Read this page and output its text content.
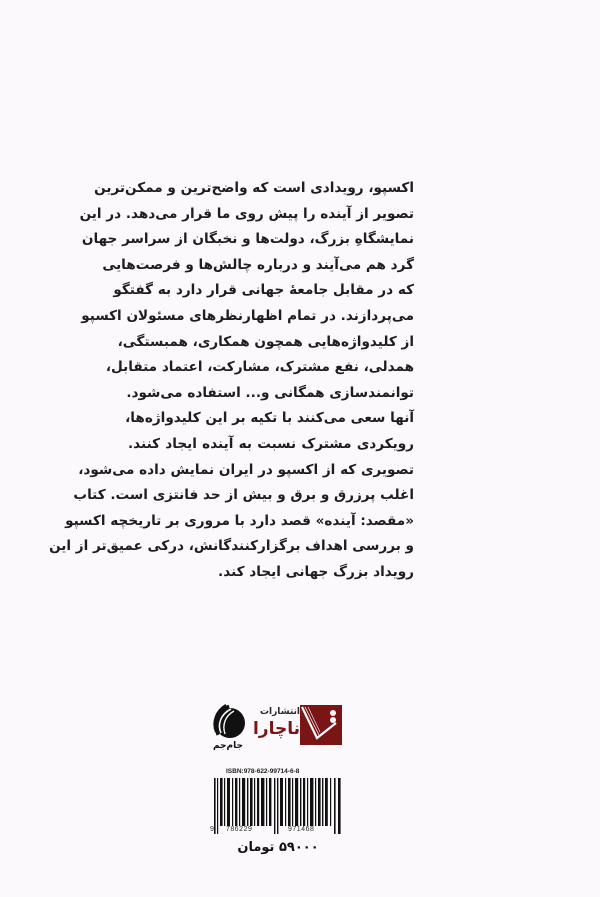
اکسپو، رویدادی است که واضح‌ترین و ممکن‌ترین
تصویر از آینده را پیش روی ما قرار می‌دهد. در این
نمایشگاهِ بزرگ، دولت‌ها و نخبگان از سراسر جهان
گرد هم می‌آیند و درباره چالش‌ها و فرصت‌هایی
که در مقابل جامعهٔ جهانی قرار دارد به گفتگو
می‌پردازند. در تمام اظهارنظرهای مسئولان اکسپو
از کلیدواژه‌هایی همچون همکاری، همبستگی،
همدلی، نفع مشترک، مشارکت، اعتماد متقابل،
توانمندسازی همگانی و... استفاده می‌شود.
آنها سعی می‌کنند با تکیه بر این کلیدواژه‌ها،
رویکردی مشترک نسبت به آینده ایجاد کنند.
تصویری که از اکسپو در ایران نمایش داده می‌شود،
اغلب پرزرق و برق و بیش از حد فانتزی است. کتاب
«مقصد: آینده» قصد دارد با مروری بر تاریخچه اکسپو
و بررسی اهداف برگزارکنندگانش، درکی عمیق‌تر از این
رویداد بزرگ جهانی ایجاد کند.
جام‌جم
انتشارات
ناچارا
ISBN:978-622-99714-6-8
9 786229	971468
۵۹۰۰۰ تومان
